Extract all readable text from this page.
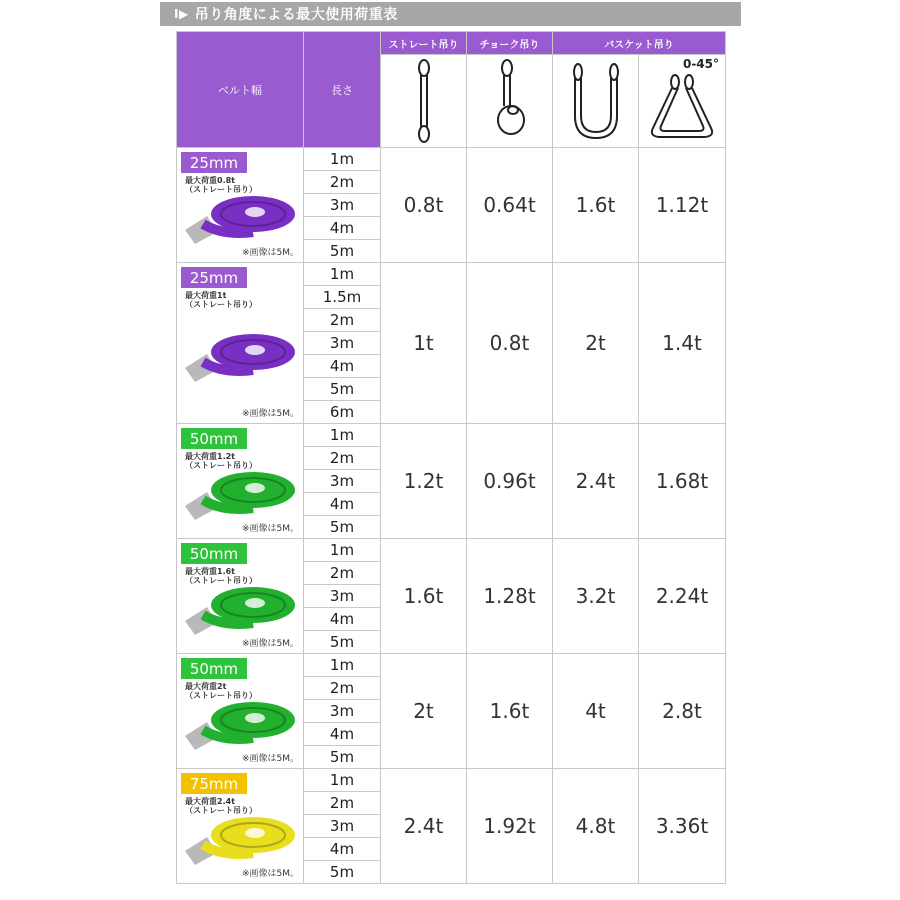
I▶ 吊り角度による最大使用荷重表
ベルト幅	長さ	ストレート吊り	チョーク吊り	バスケット吊り	

0-45°

25mm
最大荷重0.8t
（ストレート吊り）
※画像は5M。	1m	0.8t	0.64t	1.6t	1.12t
	2m				
	3m				
	4m				
	5m				

25mm
最大荷重1t
（ストレート吊り）
※画像は5M。	1m	1t	0.8t	2t	1.4t
	1.5m				
	2m				
	3m				
	4m				
	5m				
	6m				

50mm
最大荷重1.2t
（ストレート吊り）
※画像は5M。	1m	1.2t	0.96t	2.4t	1.68t
	2m				
	3m				
	4m				
	5m				

50mm
最大荷重1.6t
（ストレート吊り）
※画像は5M。	1m	1.6t	1.28t	3.2t	2.24t
	2m				
	3m				
	4m				
	5m				

50mm
最大荷重2t
（ストレート吊り）
※画像は5M。	1m	2t	1.6t	4t	2.8t
	2m				
	3m				
	4m				
	5m				

75mm
最大荷重2.4t
（ストレート吊り）
※画像は5M。	1m	2.4t	1.92t	4.8t	3.36t
	2m				
	3m				
	4m				
	5m				
